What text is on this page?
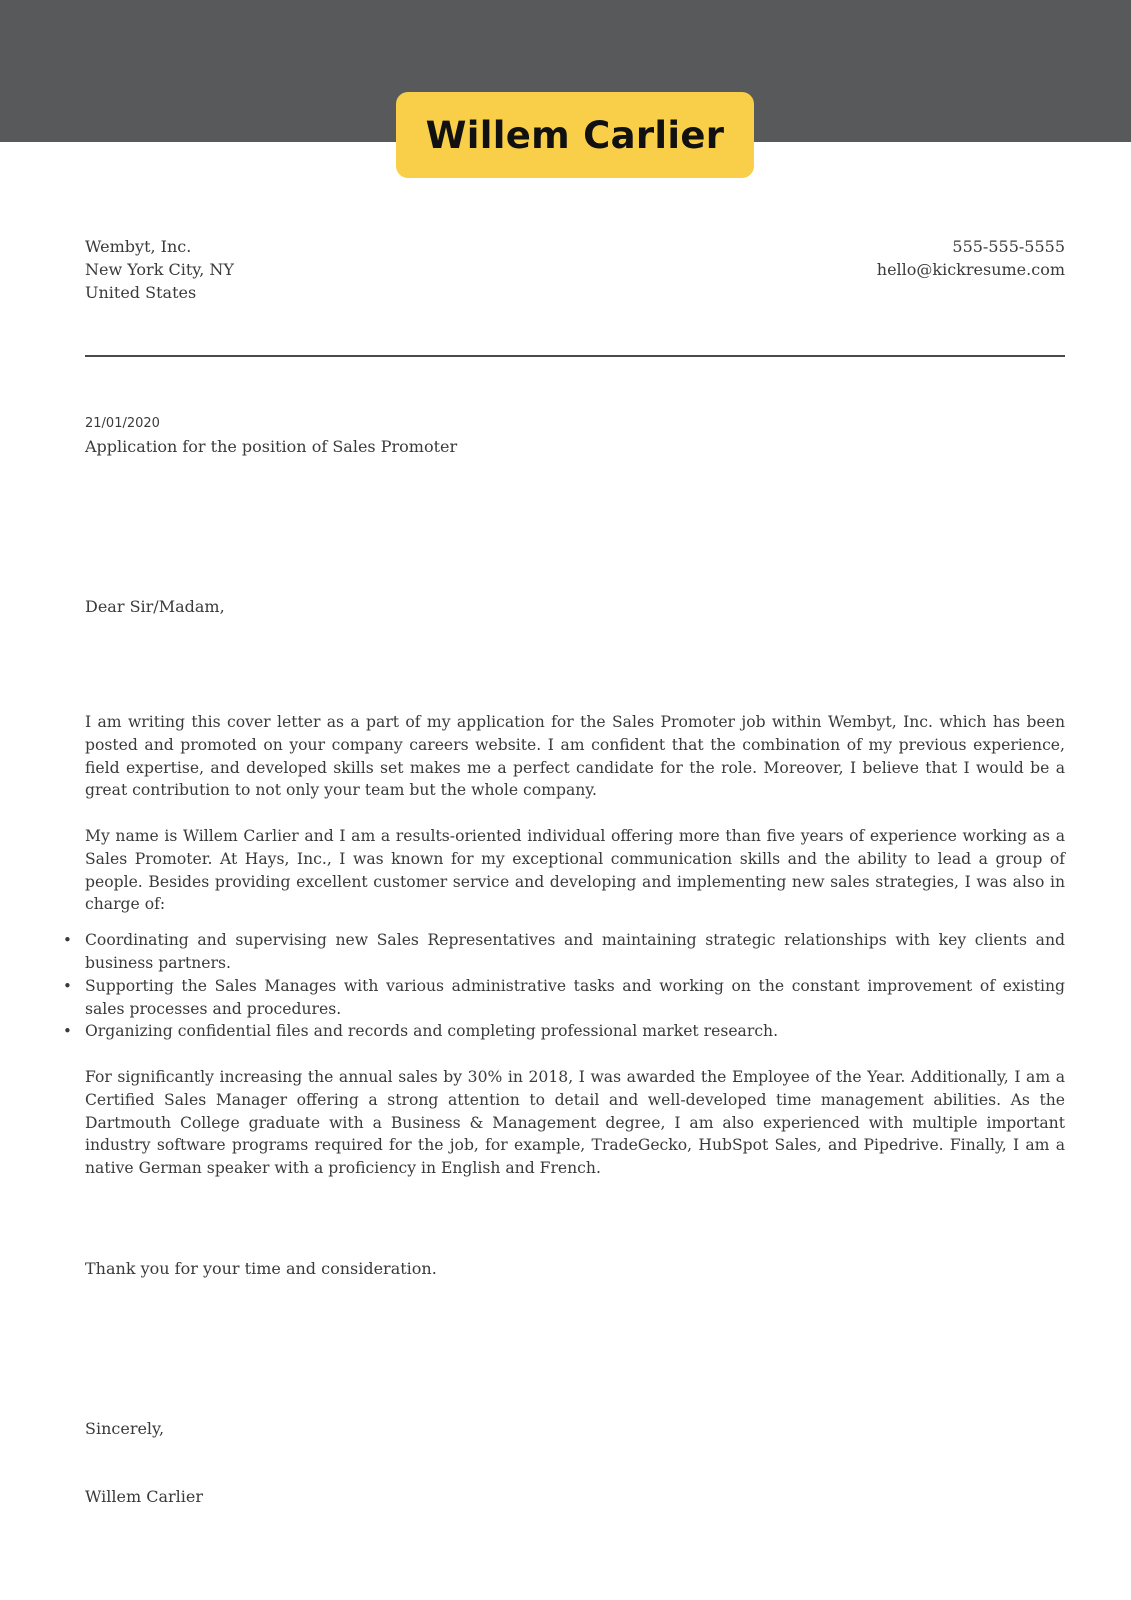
Willem Carlier
Wembyt, Inc.
New York City, NY
United States
555-555-5555
hello@kickresume.com
21/01/2020
Application for the position of Sales Promoter
Dear Sir/Madam,

I am writing this cover letter as a part of my application for the Sales Promoter job within Wembyt, Inc. which has been posted and promoted on your company careers website. I am confident that the combination of my previous experience, field expertise, and developed skills set makes me a perfect candidate for the role. Moreover, I believe that I would be a great contribution to not only your team but the whole company.

My name is Willem Carlier and I am a results-oriented individual offering more than five years of experience working as a Sales Promoter. At Hays, Inc., I was known for my exceptional communication skills and the ability to lead a group of people. Besides providing excellent customer service and developing and implementing new sales strategies, I was also in charge of:

• Coordinating and supervising new Sales Representatives and maintaining strategic relationships with key clients and business partners.
• Supporting the Sales Manages with various administrative tasks and working on the constant improvement of existing sales processes and procedures.
• Organizing confidential files and records and completing professional market research.

For significantly increasing the annual sales by 30% in 2018, I was awarded the Employee of the Year. Additionally, I am a Certified Sales Manager offering a strong attention to detail and well-developed time management abilities. As the Dartmouth College graduate with a Business & Management degree, I am also experienced with multiple important industry software programs required for the job, for example, TradeGecko, HubSpot Sales, and Pipedrive. Finally, I am a native German speaker with a proficiency in English and French.

Thank you for your time and consideration.
Sincerely,
Willem Carlier
